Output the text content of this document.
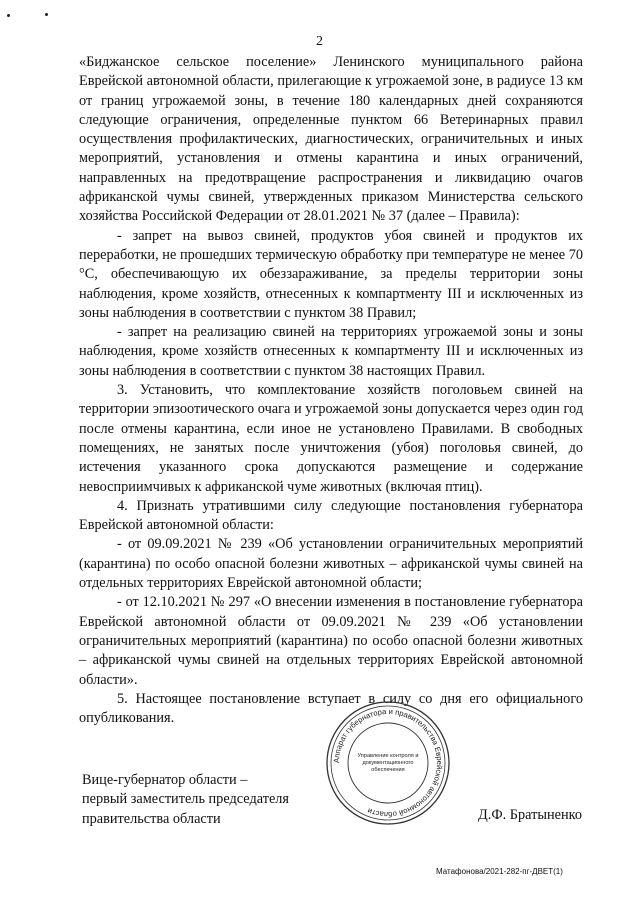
2

«Биджанское сельское поселение» Ленинского муниципального района Еврейской автономной области, прилегающие к угрожаемой зоне, в радиусе 13 км от границ угрожаемой зоны, в течение 180 календарных дней сохраняются следующие ограничения, определенные пунктом 66 Ветеринарных правил осуществления профилактических, диагностических, ограничительных и иных мероприятий, установления и отмены карантина и иных ограничений, направленных на предотвращение распространения и ликвидацию очагов африканской чумы свиней, утвержденных приказом Министерства сельского хозяйства Российской Федерации от 28.01.2021 № 37 (далее – Правила):

- запрет на вывоз свиней, продуктов убоя свиней и продуктов их переработки, не прошедших термическую обработку при температуре не менее 70 °С, обеспечивающую их обеззараживание, за пределы территории зоны наблюдения, кроме хозяйств, отнесенных к компартменту III и исключенных из зоны наблюдения в соответствии с пунктом 38 Правил;

- запрет на реализацию свиней на территориях угрожаемой зоны и зоны наблюдения, кроме хозяйств отнесенных к компартменту III и исключенных из зоны наблюдения в соответствии с пунктом 38 настоящих Правил.

3. Установить, что комплектование хозяйств поголовьем свиней на территории эпизоотического очага и угрожаемой зоны допускается через один год после отмены карантина, если иное не установлено Правилами. В свободных помещениях, не занятых после уничтожения (убоя) поголовья свиней, до истечения указанного срока допускаются размещение и содержание невосприимчивых к африканской чуме животных (включая птиц).

4. Признать утратившими силу следующие постановления губернатора Еврейской автономной области:

- от 09.09.2021 № 239 «Об установлении ограничительных мероприятий (карантина) по особо опасной болезни животных – африканской чумы свиней на отдельных территориях Еврейской автономной области;

- от 12.10.2021 № 297 «О внесении изменения в постановление губернатора Еврейской автономной области от 09.09.2021 № 239 «Об установлении ограничительных мероприятий (карантина) по особо опасной болезни животных – африканской чумы свиней на отдельных территориях Еврейской автономной области».

5. Настоящее постановление вступает в силу со дня его официального опубликования.

Аппарат губернатора и правительства Еврейской автономной области
Управление контроля и
документационного
обеспечения
Вице-губернатор области –
первый заместитель председателя
правительства области	Д.Ф. Братыненко
Матафонова/2021-282-пг-ДВЕТ(1)
